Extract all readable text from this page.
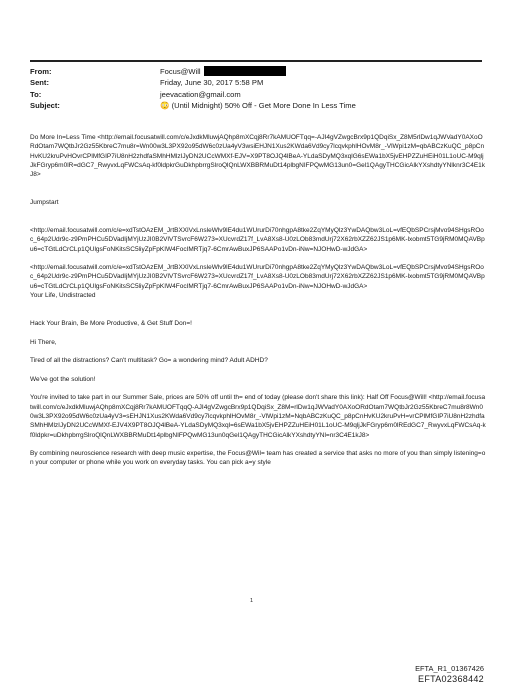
From:	Focus@Will
Sent:	Friday, June 30, 2017 5:58 PM
To:	jeevacation@gmail.com
Subject:	😳 (Until Midnight) 50% Off - Get More Done In Less Time

Do More In=Less Time <http://email.focusatwill.com/c/eJxdkMluwjAQhp8mXCqj8Rr7kAMUOFTqq=-AJI4gVZwgcBrx9p1QDqiSx_Z8M5rlDw1qJWVadY0AXoORdOtam7WQtbJr2Gz55KbreC7mu8r=Wn00w3L3PX92o95dW6c0zUa4yV3wsiEHJN1Xus2KWda6Vd9cy7lcqvkphlHOvM8r_-VlWpi1zM=qbABCzKuQC_p8pCnHvKU2kruPvHOvrCPlMfGIP7iU8nH2zhdfaSMhHMlzIJyDN2UCcWMXf-EJV=X9PT8OJQ4lBeA-YLdaSDyMQ3xqlG6sEWa1bX5jvEHPZZuHEiH01L1oUC-M9qljJkFGryp6m0lR=dGC7_RwyvxLqFWCsAq-kf0ldpkrGuDkhpbrrgSlroQlQnLWXBBRMuDt14plbgNIFPQwMG13un0=Gel1QAgyTHCGicAlkYXshdtyYNlknr3C4E1kJ8>

Jumpstart

<http://email.focusatwill.com/c/e=xdTstOAzEM_JrtBXXlVxLnsleWlv9lE4du1WUrurDi70nhgpA8tke2ZqYMyQlz3YwDAQbw3LoL=vfEQbSPCrsjMvo94SHgsROoc_64p2Udr9c-z9PmPHCu5DVadIjMYjUzJI0B2VlVTSvrcF6W273=XUcvrdZ17f_LvA8Xs8-U0zLOb83mdUrj72X62rbXZZ62JS1p6MK-lxobmt5TG9jRM0MQAVBpu6=cTGtLdCrCLp1QUlgsFoNKitsSC5liyZpFpKIW4FocIMRTjq7-6CmrAwBuxJP6SAAPo1vDn-iNw=NJOHwD-wJdGA>

<http://email.focusatwill.com/c/e=xdTstOAzEM_JrtBXXlVxLnsleWlv9lE4du1WUrurDi70nhgpA8tke2ZqYMyQlz3YwDAQbw3LoL=vfEQbSPCrsjMvo94SHgsROoc_64p2Udr9c-z9PmPHCu5DVadIjMYjUzJI0B2VlVTSvrcF6W273=XUcvrdZ17f_LvA8Xs8-U0zLOb83mdUrj72X62rbXZZ62JS1p6MK-lxobmt5TG9jRM0MQAVBpu6=cTGtLdCrCLp1QUlgsFoNKitsSC5liyZpFpKIW4FocIMRTjq7-6CmrAwBuxJP6SAAPo1vDn-iNw=NJOHwD-wJdGA>

Your Life, Undistracted

Hack Your Brain, Be More Productive, & Get Stuff Don=!

Hi There,

Tired of all the distractions? Can't multitask? Go= a wondering mind? Adult ADHD?

We've got the solution!

You're invited to take part in our Summer Sale, prices are 50% off until th= end of today (please don't share this link): Half Off Focus@Will! <http://email.focusatwill.com/c/eJxdkMluwjAQhp8mXCqj8Rr7kAMUOFTqqQ-AJI4gVZwgcBrx9p1QDqiSx_Z8M=rlDw1qJWVadY0AXoORdOtam7WQtbJr2Gz55KbreC7mu8r8Wn00w3L3PX92o95dW6c0zUa4yV3=sEHJN1Xus2KWda6Vd9cy7lcqvkphlHOvM8r_-VlWpi1zM=NqbABCzKuQC_p8pCnHvKU2kruPvH=vrCPlMfGIP7iU8nH2zhdfaSMhHMlzIJyDN2UCcWMXf-EJV4X9PT8OJQ4lBeA-YLdaSDyMQ3xql=6sEWa1bX5jvEHPZZuHEiH01L1oUC-M9qljJkFGryp6m0lREdGC7_RwyvxLqFWCsAq-kf0ldpkr=uDkhpbrrgSlroQlQnLWXBBRMuDt14plbgNIFPQwMG13un0qGel1QAgyTHCGicAlkYXshdtyYNl=nr3C4E1kJ8>

By combining neuroscience research with deep music expertise, the Focus@Wil= team has created a service that asks no more of you than simply listening=on your computer or phone while you work on everyday tasks. You can pick a=y style

1
EFTA_R1_01367426
EFTA02368442
